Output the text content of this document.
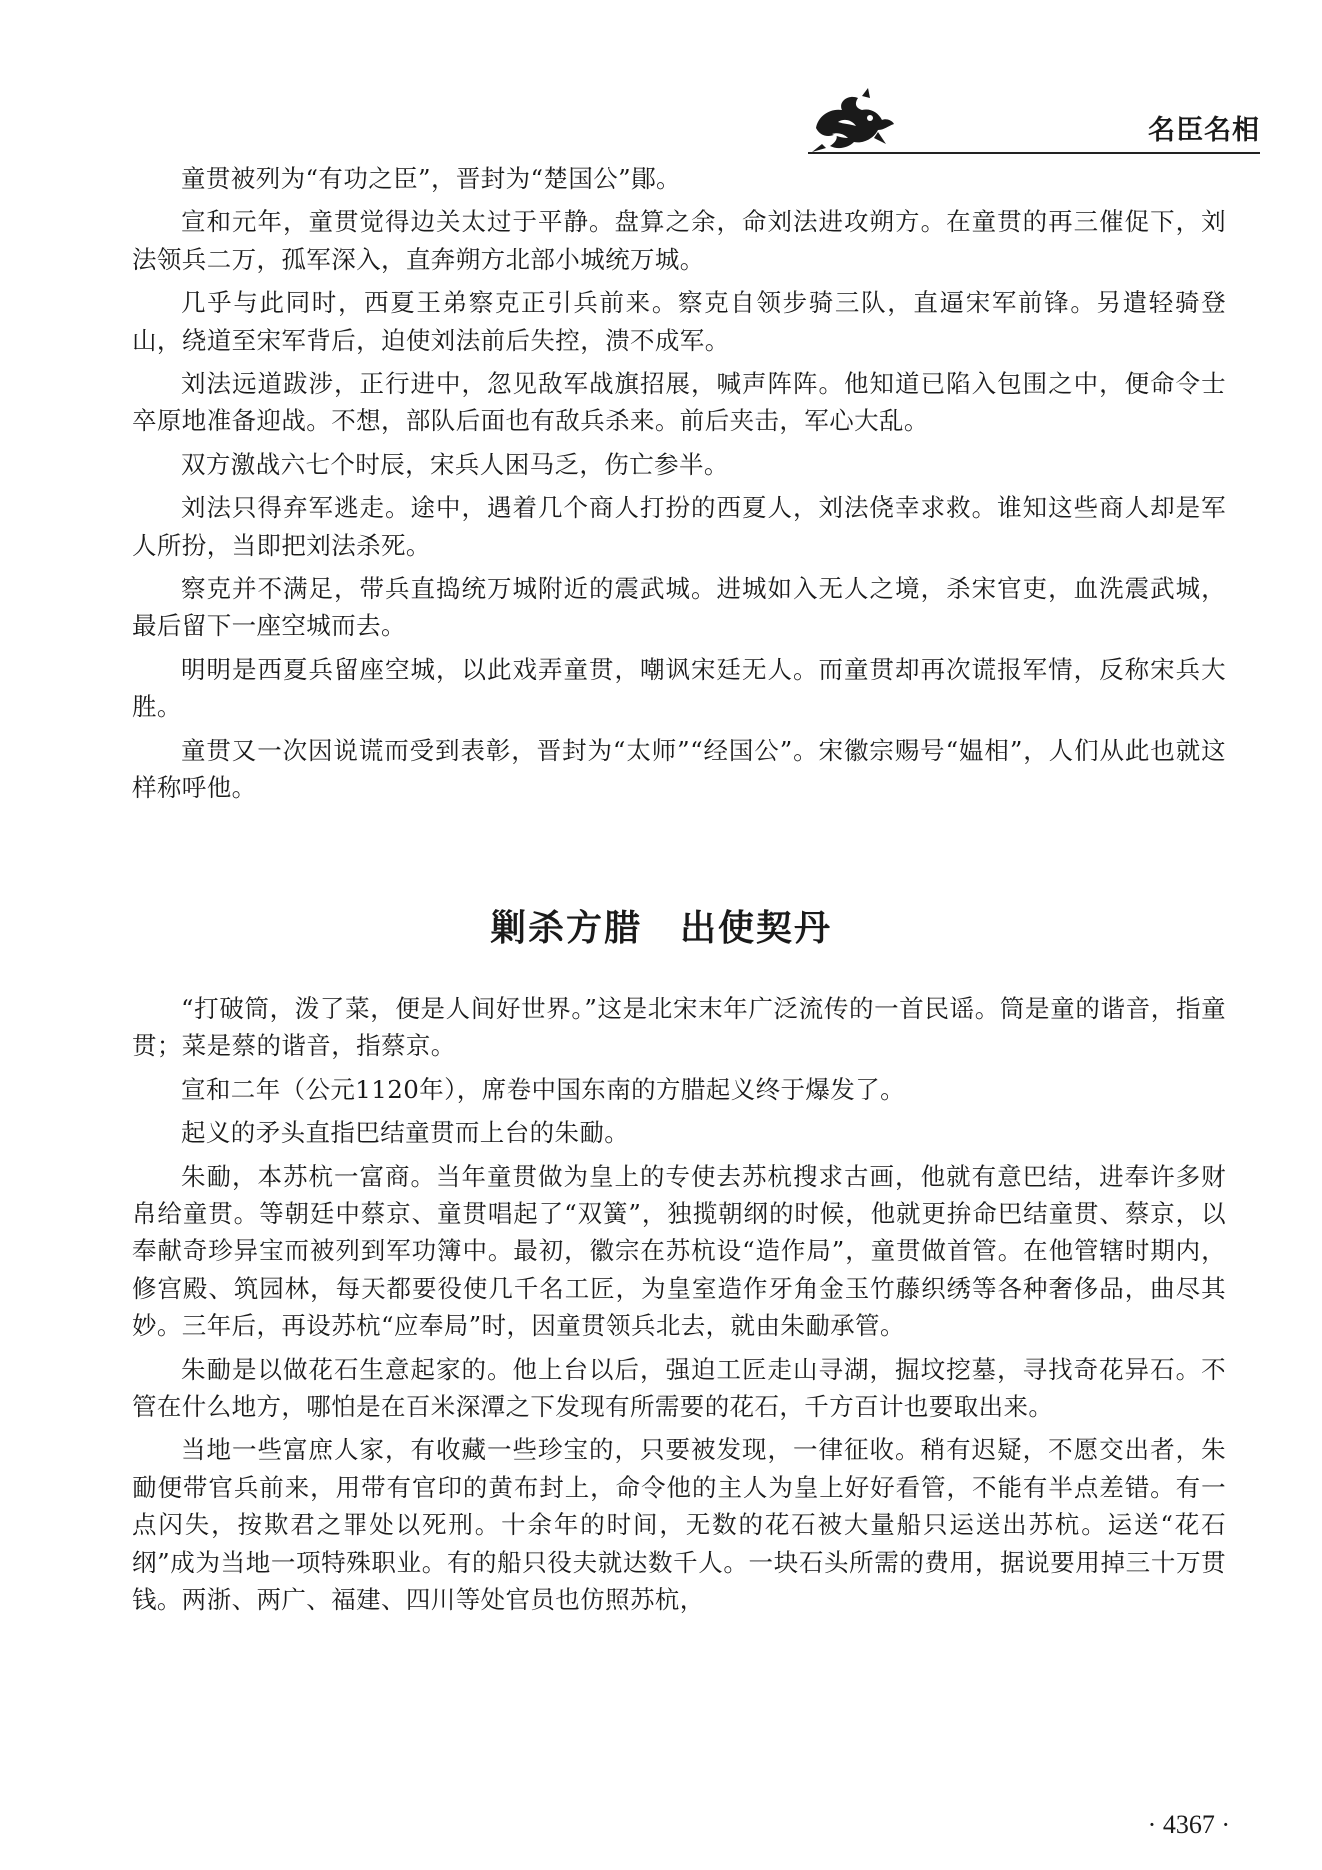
名臣名相

童贯被列为“有功之臣”，晋封为“楚国公”鄖。

宣和元年，童贯觉得边关太过于平静。盘算之余，命刘法进攻朔方。在童贯的再三催促下，刘法领兵二万，孤军深入，直奔朔方北部小城统万城。

几乎与此同时，西夏王弟察克正引兵前来。察克自领步骑三队，直逼宋军前锋。另遣轻骑登山，绕道至宋军背后，迫使刘法前后失控，溃不成军。

刘法远道跋涉，正行进中，忽见敌军战旗招展，喊声阵阵。他知道已陷入包围之中，便命令士卒原地准备迎战。不想，部队后面也有敌兵杀来。前后夹击，军心大乱。

双方激战六七个时辰，宋兵人困马乏，伤亡参半。

刘法只得弃军逃走。途中，遇着几个商人打扮的西夏人，刘法侥幸求救。谁知这些商人却是军人所扮，当即把刘法杀死。

察克并不满足，带兵直捣统万城附近的震武城。进城如入无人之境，杀宋官吏，血洗震武城，最后留下一座空城而去。

明明是西夏兵留座空城，以此戏弄童贯，嘲讽宋廷无人。而童贯却再次谎报军情，反称宋兵大胜。

童贯又一次因说谎而受到表彰，晋封为“太师”“经国公”。宋徽宗赐号“媪相”，人们从此也就这样称呼他。

剿杀方腊　出使契丹

“打破筒，泼了菜，便是人间好世界。”这是北宋末年广泛流传的一首民谣。筒是童的谐音，指童贯；菜是蔡的谐音，指蔡京。

宣和二年（公元1120年），席卷中国东南的方腊起义终于爆发了。

起义的矛头直指巴结童贯而上台的朱勔。

朱勔，本苏杭一富商。当年童贯做为皇上的专使去苏杭搜求古画，他就有意巴结，进奉许多财帛给童贯。等朝廷中蔡京、童贯唱起了“双簧”，独揽朝纲的时候，他就更拚命巴结童贯、蔡京，以奉献奇珍异宝而被列到军功簿中。最初，徽宗在苏杭设“造作局”，童贯做首管。在他管辖时期内，修宫殿、筑园林，每天都要役使几千名工匠，为皇室造作牙角金玉竹藤织绣等各种奢侈品，曲尽其妙。三年后，再设苏杭“应奉局”时，因童贯领兵北去，就由朱勔承管。

朱勔是以做花石生意起家的。他上台以后，强迫工匠走山寻湖，掘坟挖墓，寻找奇花异石。不管在什么地方，哪怕是在百米深潭之下发现有所需要的花石，千方百计也要取出来。

当地一些富庶人家，有收藏一些珍宝的，只要被发现，一律征收。稍有迟疑，不愿交出者，朱勔便带官兵前来，用带有官印的黄布封上，命令他的主人为皇上好好看管，不能有半点差错。有一点闪失，按欺君之罪处以死刑。十余年的时间，无数的花石被大量船只运送出苏杭。运送“花石纲”成为当地一项特殊职业。有的船只役夫就达数千人。一块石头所需的费用，据说要用掉三十万贯钱。两浙、两广、福建、四川等处官员也仿照苏杭，

· 4367 ·
